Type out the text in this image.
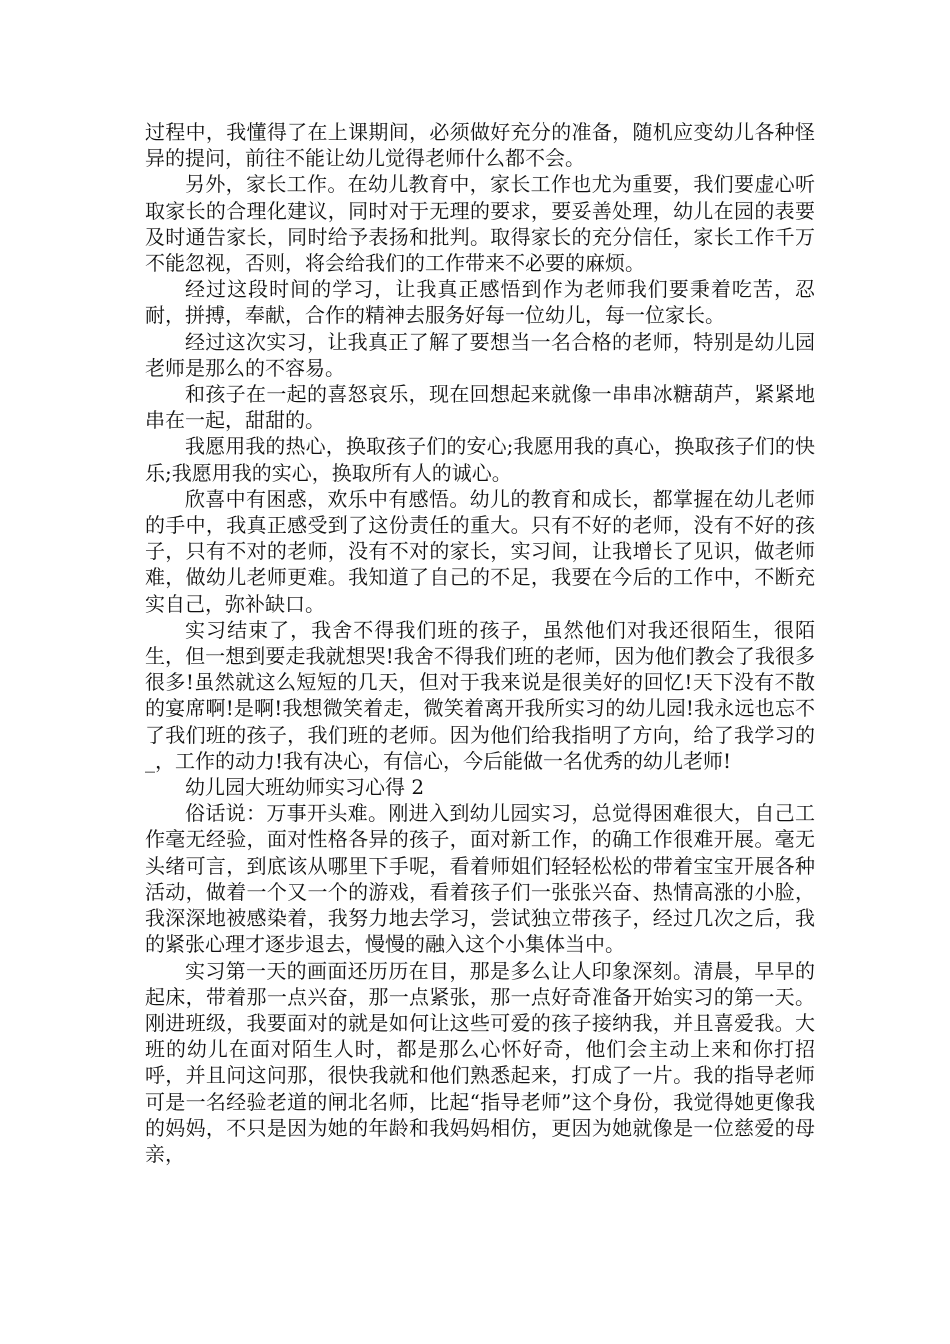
过程中，我懂得了在上课期间，必须做好充分的准备，随机应变幼儿各种怪异的提问，前往不能让幼儿觉得老师什么都不会。

另外，家长工作。在幼儿教育中，家长工作也尤为重要，我们要虚心听取家长的合理化建议，同时对于无理的要求，要妥善处理，幼儿在园的表要及时通告家长，同时给予表扬和批判。取得家长的充分信任，家长工作千万不能忽视，否则，将会给我们的工作带来不必要的麻烦。

经过这段时间的学习，让我真正感悟到作为老师我们要秉着吃苦，忍耐，拼搏，奉献，合作的精神去服务好每一位幼儿，每一位家长。

经过这次实习，让我真正了解了要想当一名合格的老师，特别是幼儿园老师是那么的不容易。

和孩子在一起的喜怒哀乐，现在回想起来就像一串串冰糖葫芦，紧紧地串在一起，甜甜的。

我愿用我的热心，换取孩子们的安心;我愿用我的真心，换取孩子们的快乐;我愿用我的实心，换取所有人的诚心。

欣喜中有困惑，欢乐中有感悟。幼儿的教育和成长，都掌握在幼儿老师的手中，我真正感受到了这份责任的重大。只有不好的老师，没有不好的孩子，只有不对的老师，没有不对的家长，实习间，让我增长了见识，做老师难，做幼儿老师更难。我知道了自己的不足，我要在今后的工作中，不断充实自己，弥补缺口。

实习结束了，我舍不得我们班的孩子，虽然他们对我还很陌生，很陌生，但一想到要走我就想哭!我舍不得我们班的老师，因为他们教会了我很多很多!虽然就这么短短的几天，但对于我来说是很美好的回忆!天下没有不散的宴席啊!是啊!我想微笑着走，微笑着离开我所实习的幼儿园!我永远也忘不了我们班的孩子，我们班的老师。因为他们给我指明了方向，给了我学习的_，工作的动力!我有决心，有信心，今后能做一名优秀的幼儿老师!

幼儿园大班幼师实习心得 2

俗话说：万事开头难。刚进入到幼儿园实习，总觉得困难很大，自己工作毫无经验，面对性格各异的孩子，面对新工作，的确工作很难开展。毫无头绪可言，到底该从哪里下手呢，看着师姐们轻轻松松的带着宝宝开展各种活动，做着一个又一个的游戏，看着孩子们一张张兴奋、热情高涨的小脸，我深深地被感染着，我努力地去学习，尝试独立带孩子，经过几次之后，我的紧张心理才逐步退去，慢慢的融入这个小集体当中。

实习第一天的画面还历历在目，那是多么让人印象深刻。清晨，早早的起床，带着那一点兴奋，那一点紧张，那一点好奇准备开始实习的第一天。刚进班级，我要面对的就是如何让这些可爱的孩子接纳我，并且喜爱我。大班的幼儿在面对陌生人时，都是那么心怀好奇，他们会主动上来和你打招呼，并且问这问那，很快我就和他们熟悉起来，打成了一片。我的指导老师可是一名经验老道的闸北名师，比起“指导老师”这个身份，我觉得她更像我的妈妈，不只是因为她的年龄和我妈妈相仿，更因为她就像是一位慈爱的母亲，
